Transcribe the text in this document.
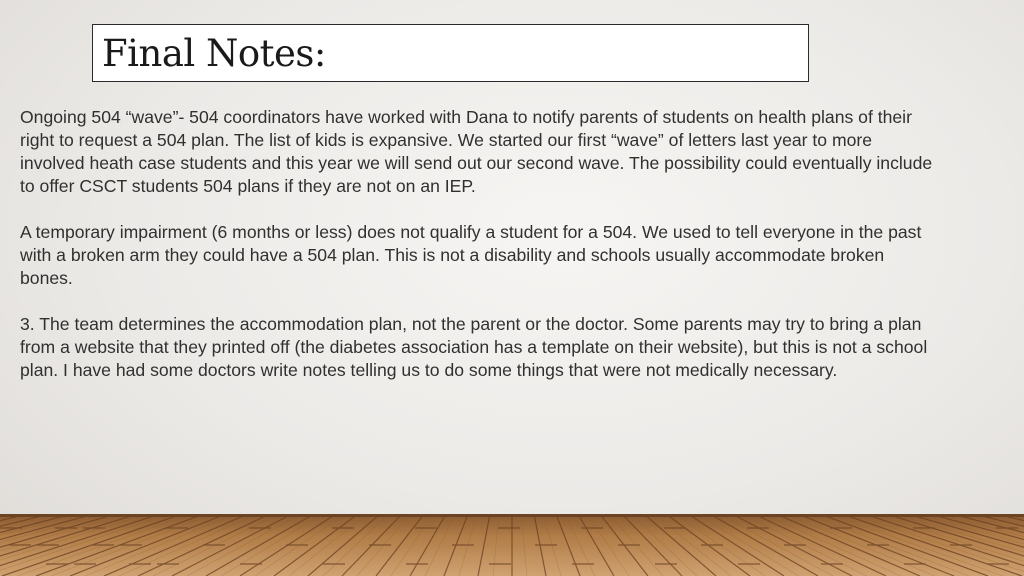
Final Notes:

Ongoing 504 “wave”- 504 coordinators have worked with Dana to notify parents of students on health plans of their right to request a 504 plan. The list of kids is expansive. We started our first “wave” of letters last year to more involved heath case students and this year we will send out our second wave. The possibility could eventually include to offer CSCT students 504 plans if they are not on an IEP.

A temporary impairment (6 months or less) does not qualify a student for a 504. We used to tell everyone in the past with a broken arm they could have a 504 plan. This is not a disability and schools usually accommodate broken bones.

3. The team determines the accommodation plan, not the parent or the doctor. Some parents may try to bring a plan from a website that they printed off (the diabetes association has a template on their website), but this is not a school plan. I have had some doctors write notes telling us to do some things that were not medically necessary.
